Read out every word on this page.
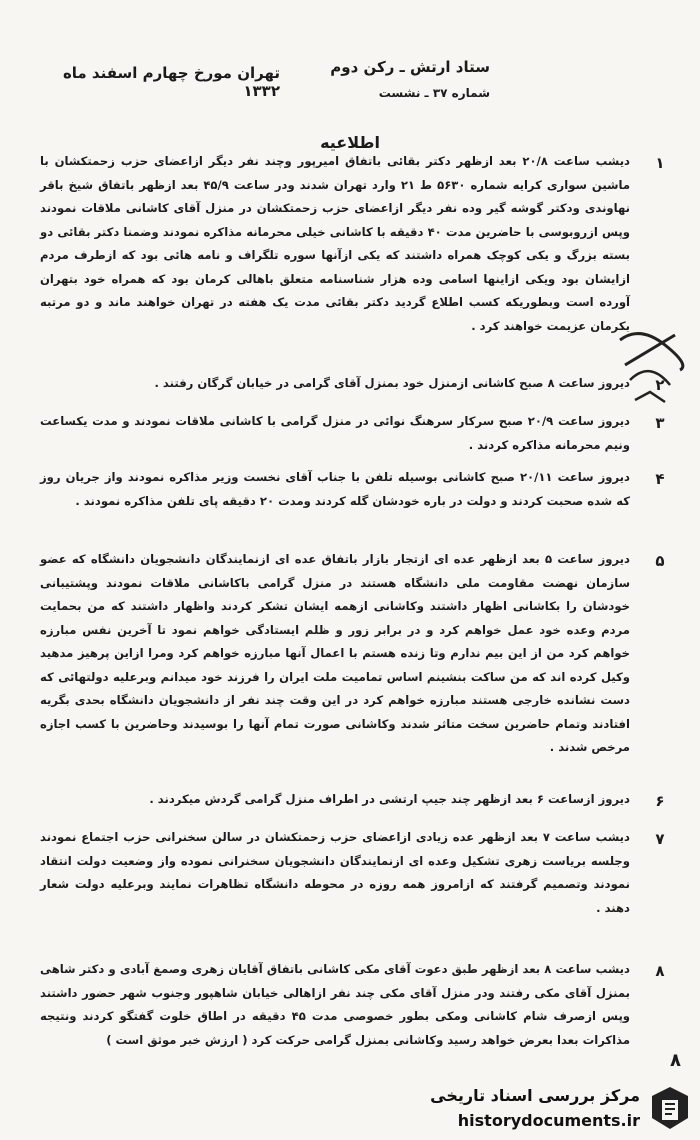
ستاد ارتش ـ رکن دوم
تهران مورخ چهارم اسفند ماه ۱۳۳۲	شماره ۳۷ ـ نشست
اطلاعیه
۱
دیشب ساعت ۲۰/۸ بعد ازظهر دکتر بقائی باتفاق امیرپور وچند نفر دیگر ازاعضای حزب زحمتکشان با ماشین سواری کرایه شماره ۵۶۳۰ ط ۲۱ وارد تهران شدند ودر ساعت ۴۵/۹ بعد ازظهر باتفاق شیخ باقر نهاوندی ودکتر گوشه گیر وده نفر دیگر ازاعضای حزب زحمتکشان در منزل آقای کاشانی ملاقات نمودند وپس ازروبوسی با حاضرین مدت ۴۰ دقیقه با کاشانی خیلی محرمانه مذاکره نمودند وضمنا دکتر بقائی دو بسته بزرگ و یکی کوچک همراه داشتند که یکی ازآنها سوره تلگراف و نامه هائی بود که ازطرف مردم ازایشان بود ویکی ازاینها اسامی وده هزار شناسنامه متعلق باهالی کرمان بود که همراه خود بتهران آورده است وبطوریکه کسب اطلاع گردید دکتر بقائی مدت یک هفته در تهران خواهند ماند و دو مرتبه بکرمان عزیمت خواهند کرد .
۲
دیروز ساعت ۸ صبح کاشانی ازمنزل خود بمنزل آقای گرامی در خیابان گرگان رفتند .
۳
دیروز ساعت ۲۰/۹ صبح سرکار سرهنگ نوائی در منزل گرامی با کاشانی ملاقات نمودند و مدت یکساعت ونیم محرمانه مذاکره کردند .
۴
دیروز ساعت ۲۰/۱۱ صبح کاشانی بوسیله تلفن با جناب آقای نخست وزیر مذاکره نمودند واز جریان روز که شده صحبت کردند و دولت در باره خودشان گله کردند ومدت ۲۰ دقیقه پای تلفن مذاکره نمودند .
۵
دیروز ساعت ۵ بعد ازظهر عده ای ازتجار بازار باتفاق عده ای ازنمایندگان دانشجویان دانشگاه که عضو سازمان نهضت مقاومت ملی دانشگاه هستند در منزل گرامی باکاشانی ملاقات نمودند وپشتیبانی خودشان را بکاشانی اظهار داشتند وکاشانی ازهمه ایشان تشکر کردند واظهار داشتند که من بحمایت مردم وعده خود عمل خواهم کرد و در برابر زور و ظلم ایستادگی خواهم نمود تا آخرین نفس مبارزه خواهم کرد من از این بیم ندارم وتا زنده هستم با اعمال آنها مبارزه خواهم کرد ومرا ازاین پرهیز مدهید وکیل کرده اند که من ساکت بنشینم اساس تمامیت ملت ایران را فرزند خود میدانم وبرعلیه دولتهائی که دست نشانده خارجی هستند مبارزه خواهم کرد در این وقت چند نفر از دانشجویان دانشگاه بحدی بگریه افتادند وتمام حاضرین سخت متاثر شدند وکاشانی صورت تمام آنها را بوسیدند وحاضرین با کسب اجازه مرخص شدند .
۶
دیروز ازساعت ۶ بعد ازظهر چند جیپ ارتشی در اطراف منزل گرامی گردش میکردند .
۷
دیشب ساعت ۷ بعد ازظهر عده زیادی ازاعضای حزب زحمتکشان در سالن سخنرانی حزب اجتماع نمودند وجلسه بریاست زهری تشکیل وعده ای ازنمایندگان دانشجویان سخنرانی نموده واز وضعیت دولت انتقاد نمودند وتصمیم گرفتند که ازامروز همه روزه در محوطه دانشگاه تظاهرات نمایند وبرعلیه دولت شعار دهند .
۸
دیشب ساعت ۸ بعد ازظهر طبق دعوت آقای مکی کاشانی باتفاق آقایان زهری وصمغ آبادی و دکتر شاهی بمنزل آقای مکی رفتند ودر منزل آقای مکی چند نفر ازاهالی خیابان شاهپور وجنوب شهر حضور داشتند وپس ازصرف شام کاشانی ومکی بطور خصوصی مدت ۴۵ دقیقه در اطاق خلوت گفتگو کردند ونتیجه مذاکرات بعدا بعرض خواهد رسید وکاشانی بمنزل گرامی حرکت کرد ( ارزش خبر موثق است )
۸
مرکز بررسی اسناد تاریخی
historydocuments.ir
